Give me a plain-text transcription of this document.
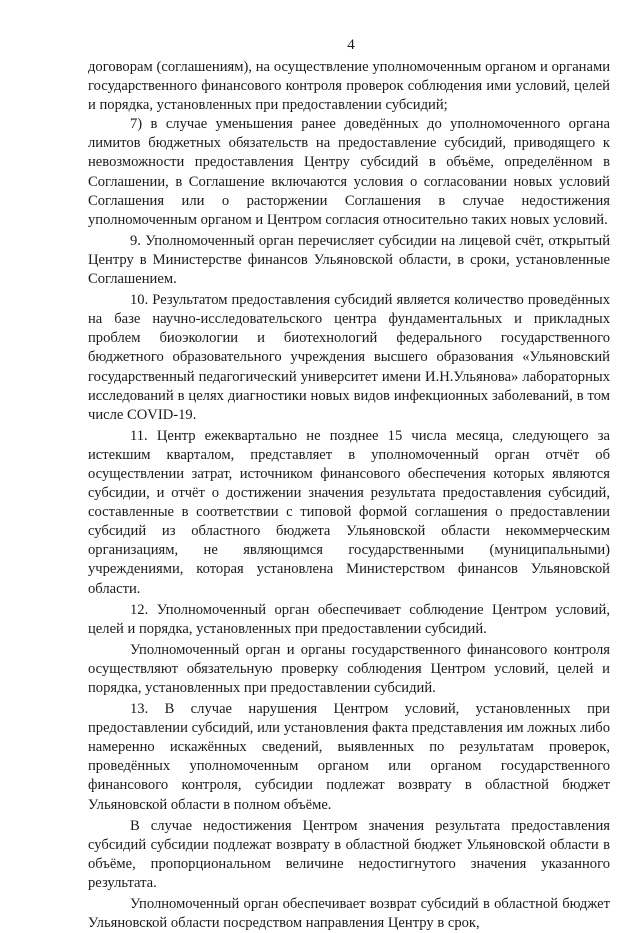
4

договорам (соглашениям), на осуществление уполномоченным органом и органами государственного финансового контроля проверок соблюдения ими условий, целей и порядка, установленных при предоставлении субсидий;

7) в случае уменьшения ранее доведённых до уполномоченного органа лимитов бюджетных обязательств на предоставление субсидий, приводящего к невозможности предоставления Центру субсидий в объёме, определённом в Соглашении, в Соглашение включаются условия о согласовании новых условий Соглашения или о расторжении Соглашения в случае недостижения уполномоченным органом и Центром согласия относительно таких новых условий.

9. Уполномоченный орган перечисляет субсидии на лицевой счёт, открытый Центру в Министерстве финансов Ульяновской области, в сроки, установленные Соглашением.

10. Результатом предоставления субсидий является количество проведённых на базе научно-исследовательского центра фундаментальных и прикладных проблем биоэкологии и биотехнологий федерального государственного бюджетного образовательного учреждения высшего образования «Ульяновский государственный педагогический университет имени И.Н.Ульянова» лабораторных исследований в целях диагностики новых видов инфекционных заболеваний, в том числе COVID-19.

11. Центр ежеквартально не позднее 15 числа месяца, следующего за истекшим кварталом, представляет в уполномоченный орган отчёт об осуществлении затрат, источником финансового обеспечения которых являются субсидии, и отчёт о достижении значения результата предоставления субсидий, составленные в соответствии с типовой формой соглашения о предоставлении субсидий из областного бюджета Ульяновской области некоммерческим организациям, не являющимся государственными (муниципальными) учреждениями, которая установлена Министерством финансов Ульяновской области.

12. Уполномоченный орган обеспечивает соблюдение Центром условий, целей и порядка, установленных при предоставлении субсидий.

Уполномоченный орган и органы государственного финансового контроля осуществляют обязательную проверку соблюдения Центром условий, целей и порядка, установленных при предоставлении субсидий.

13. В случае нарушения Центром условий, установленных при предоставлении субсидий, или установления факта представления им ложных либо намеренно искажённых сведений, выявленных по результатам проверок, проведённых уполномоченным органом или органом государственного финансового контроля, субсидии подлежат возврату в областной бюджет Ульяновской области в полном объёме.

В случае недостижения Центром значения результата предоставления субсидий субсидии подлежат возврату в областной бюджет Ульяновской области в объёме, пропорциональном величине недостигнутого значения указанного результата.

Уполномоченный орган обеспечивает возврат субсидий в областной бюджет Ульяновской области посредством направления Центру в срок,
